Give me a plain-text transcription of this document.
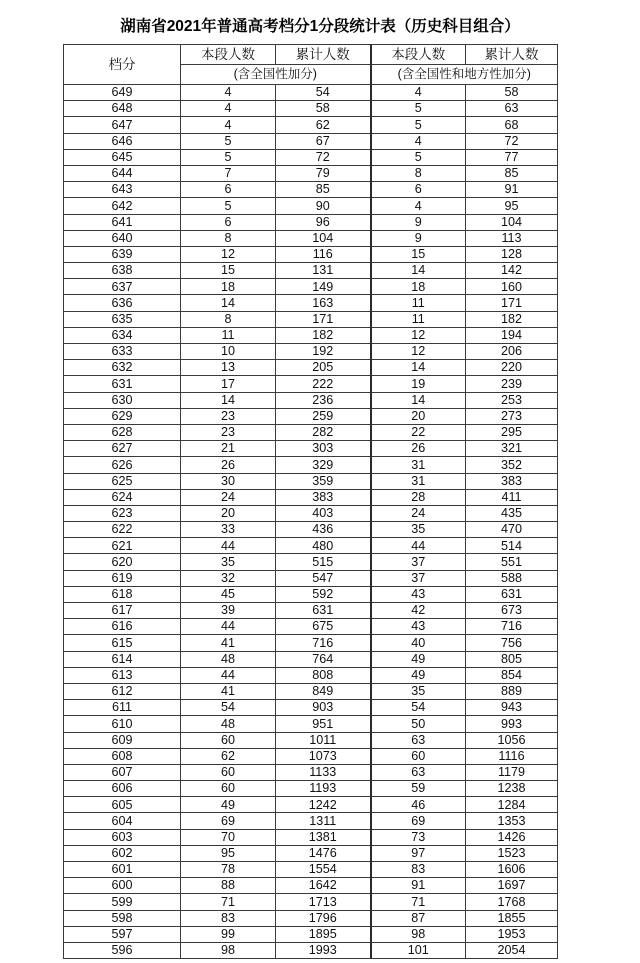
湖南省2021年普通高考档分1分段统计表（历史科目组合）
档分	本段人数	累计人数	本段人数	累计人数
	(含全国性加分)		(含全国性和地方性加分)	
649	4	54	4	58
648	4	58	5	63
647	4	62	5	68
646	5	67	4	72
645	5	72	5	77
644	7	79	8	85
643	6	85	6	91
642	5	90	4	95
641	6	96	9	104
640	8	104	9	113
639	12	116	15	128
638	15	131	14	142
637	18	149	18	160
636	14	163	11	171
635	8	171	11	182
634	11	182	12	194
633	10	192	12	206
632	13	205	14	220
631	17	222	19	239
630	14	236	14	253
629	23	259	20	273
628	23	282	22	295
627	21	303	26	321
626	26	329	31	352
625	30	359	31	383
624	24	383	28	411
623	20	403	24	435
622	33	436	35	470
621	44	480	44	514
620	35	515	37	551
619	32	547	37	588
618	45	592	43	631
617	39	631	42	673
616	44	675	43	716
615	41	716	40	756
614	48	764	49	805
613	44	808	49	854
612	41	849	35	889
611	54	903	54	943
610	48	951	50	993
609	60	1011	63	1056
608	62	1073	60	1116
607	60	1133	63	1179
606	60	1193	59	1238
605	49	1242	46	1284
604	69	1311	69	1353
603	70	1381	73	1426
602	95	1476	97	1523
601	78	1554	83	1606
600	88	1642	91	1697
599	71	1713	71	1768
598	83	1796	87	1855
597	99	1895	98	1953
596	98	1993	101	2054
